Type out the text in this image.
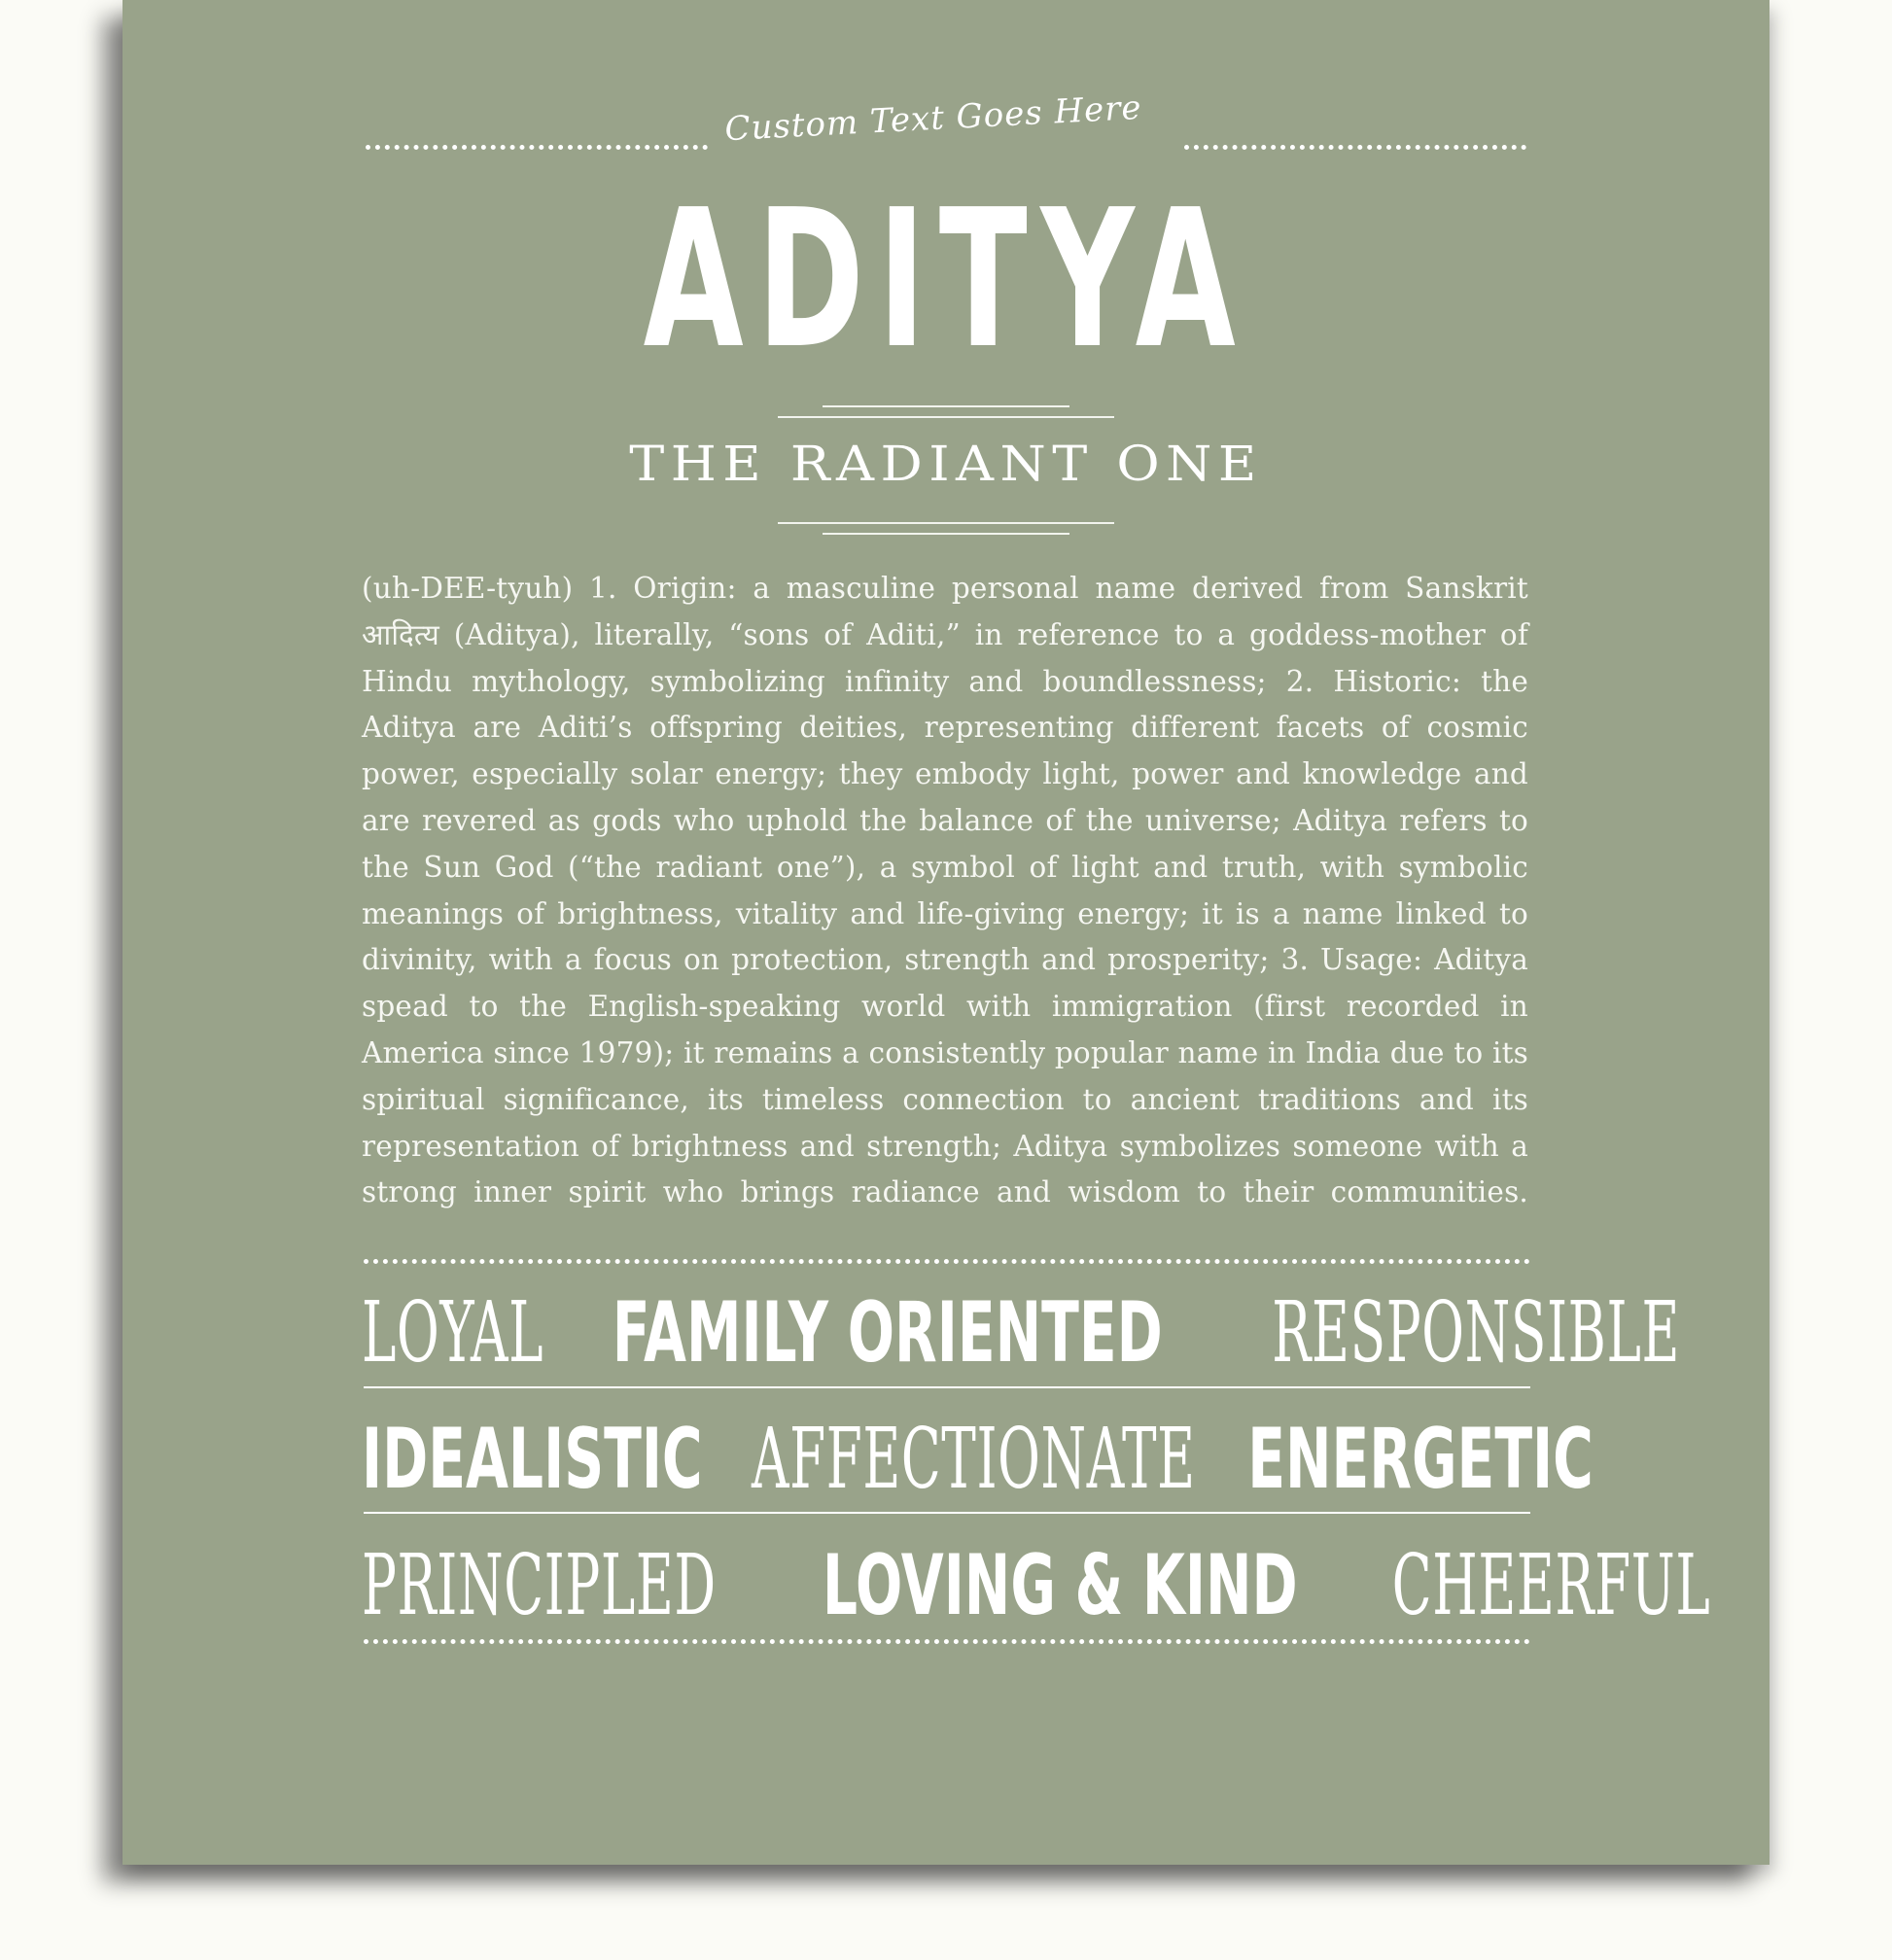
Custom Text Goes Here
ADITYA
THE RADIANT ONE
(uh-DEE-tyuh) 1. Origin: a masculine personal name derived from Sanskrit आदित्य (Aditya), literally, “sons of Aditi,” in reference to a goddess-mother of Hindu mythology, symbolizing infinity and boundlessness; 2. Historic: the Aditya are Aditi’s offspring deities, representing different facets of cosmic power, especially solar energy; they embody light, power and knowledge and are revered as gods who uphold the balance of the universe; Aditya refers to the Sun God (“the radiant one”), a symbol of light and truth, with symbolic meanings of brightness, vitality and life-giving energy; it is a name linked to divinity, with a focus on protection, strength and prosperity; 3. Usage: Aditya spead to the English-speaking world with immigration (first recorded in America since 1979); it remains a consistently popular name in India due to its spiritual significance, its timeless connection to ancient traditions and its representation of brightness and strength; Aditya symbolizes someone with a strong inner spirit who brings radiance and wisdom to their communities.
LOYAL FAMILY ORIENTED RESPONSIBLE
IDEALISTIC AFFECTIONATE ENERGETIC
PRINCIPLED LOVING & KIND CHEERFUL
